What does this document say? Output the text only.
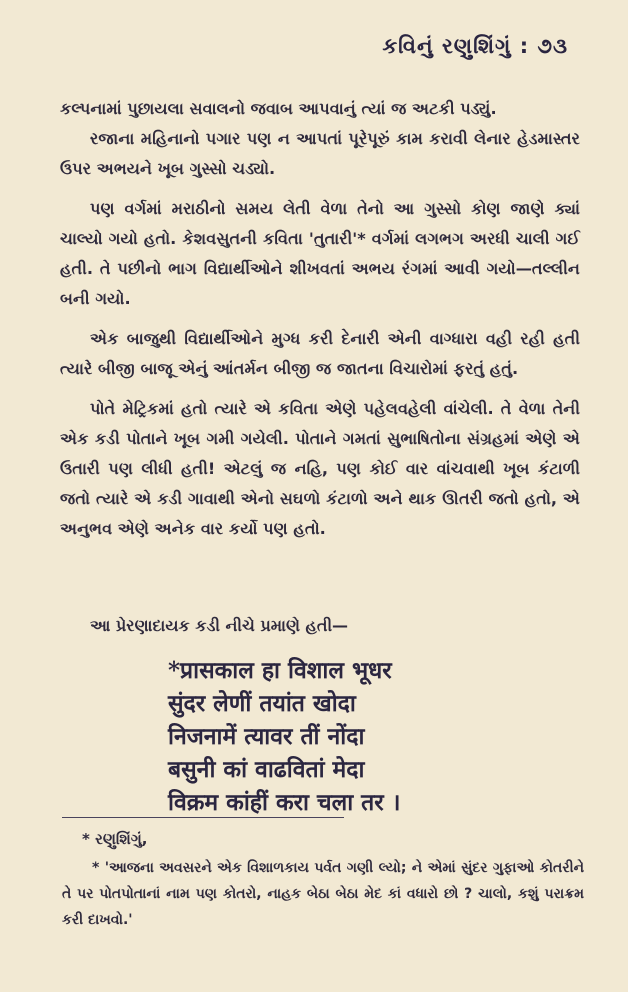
કવિનું રણુશિંગું : ૭૩

કલ્પનામાં પુછાયલા સવાલનો જવાબ આપવાનું ત્યાં જ અટકી પડ્યું.

રજાના મહિનાનો પગાર પણ ન આપતાં પૂરેપૂરું કામ કરાવી લેનાર હેડમાસ્તર ઉપર અભયને ખૂબ ગુસ્સો ચડ્યો.

પણ વર્ગમાં મરાઠીનો સમય લેતી વેળા તેનો આ ગુસ્સો કોણ જાણે ક્યાં ચાલ્યો ગયો હતો. કેશવસુતની કવિતા 'તુતારી'* વર્ગમાં લગભગ અરધી ચાલી ગઈ હતી. તે પછીનો ભાગ વિદ્યાર્થીઓને શીખવતાં અભય રંગમાં આવી ગયો—તલ્લીન બની ગયો.

એક બાજુથી વિદ્યાર્થીઓને મુગ્ધ કરી દેનારી એની વાગ્ધારા વહી રહી હતી ત્યારે બીજી બાજૂ એનું આંતર્મન બીજી જ જાતના વિચારોમાં ફરતું હતું.

પોતે મેટ્રિકમાં હતો ત્યારે એ કવિતા એણે પહેલવહેલી વાંચેલી. તે વેળા તેની એક કડી પોતાને ખૂબ ગમી ગયેલી. પોતાને ગમતાં સુભાષિતોના સંગ્રહમાં એણે એ ઉતારી પણ લીધી હતી! એટલું જ નહિ, પણ કોઈ વાર વાંચવાથી ખૂબ કંટાળી જતો ત્યારે એ કડી ગાવાથી એનો સઘળો કંટાળો અને થાક ઊતરી જતો હતો, એ અનુભવ એણે અનેક વાર કર્યો પણ હતો.

આ પ્રેરણાદાયક કડી નીચે પ્રમાણે હતી—
*प्रासकाल हा विशाल भूधर
सुंदर लेणीं तयांत खोदा
निजनामें त्यावर तीं नोंदा
बसुनी कां वाढवितां मेदा
विक्रम कांहीं करा चला तर ।
* રણુશિંગું,
* 'આજના અવસરને એક વિશાળકાય પર્વત ગણી લ્યો; ને એમાં સુંદર ગુફાઓ કોતરીને તે પર પોતપોતાનાં નામ પણ કોતરો, નાહક બેઠા બેઠા મેદ કાં વધારો છો ? ચાલો, કશું પરાક્રમ કરી દાખવો.'
